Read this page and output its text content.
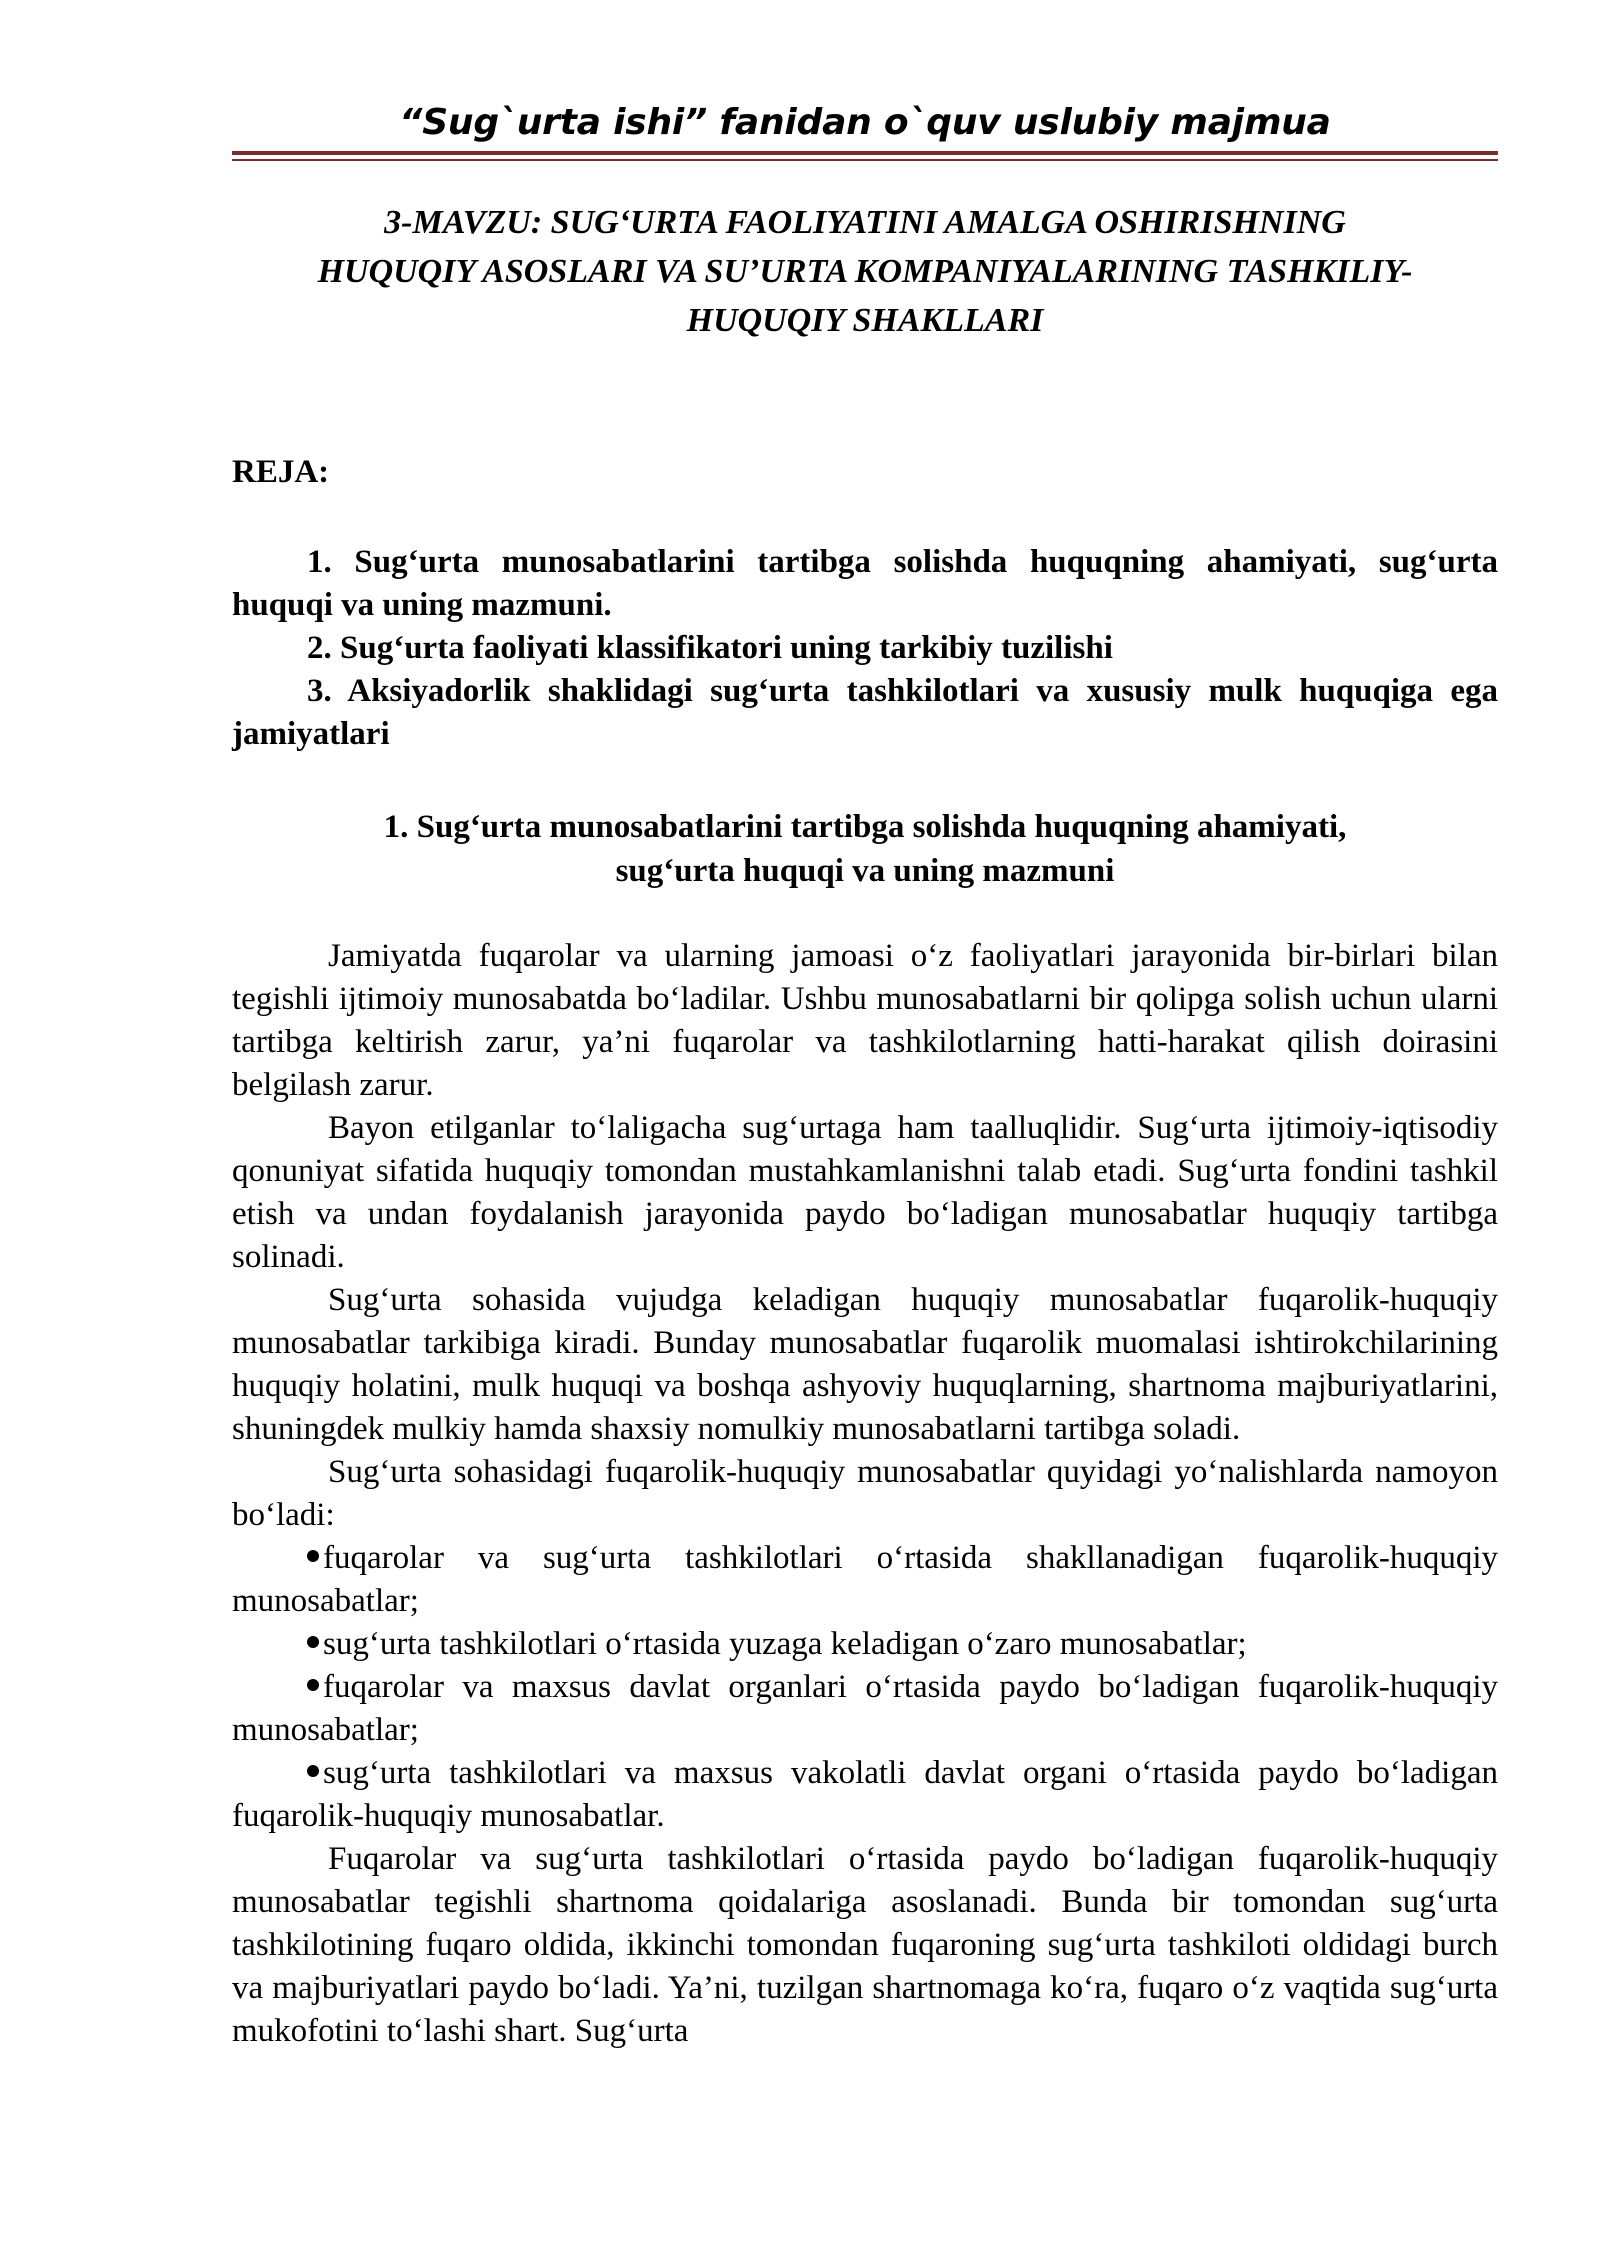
“Sug`urta ishi” fanidan o`quv uslubiy majmua
3-MAVZU: SUG‘URTA FAOLIYATINI AMALGA OSHIRISHNING
HUQUQIY ASOSLARI VA SU’URTA KOMPANIYALARINING TASHKILIY-
HUQUQIY SHAKLLARI

REJA:

1. Sug‘urta munosabatlarini tartibga solishda huquqning ahamiyati, sug‘urta huquqi va uning mazmuni.

2. Sug‘urta faoliyati klassifikatori uning tarkibiy tuzilishi

3. Aksiyadorlik shaklidagi sug‘urta tashkilotlari va xususiy mulk huquqiga ega jamiyatlari

1. Sug‘urta munosabatlarini tartibga solishda huquqning ahamiyati,
sug‘urta huquqi va uning mazmuni

Jamiyatda fuqarolar va ularning jamoasi o‘z faoliyatlari jarayonida bir-birlari bilan tegishli ijtimoiy munosabatda bo‘ladilar. Ushbu munosabatlarni bir qolipga solish uchun ularni tartibga keltirish zarur, ya’ni fuqarolar va tashkilotlarning hatti-harakat qilish doirasini belgilash zarur.

Bayon etilganlar to‘laligacha sug‘urtaga ham taalluqlidir. Sug‘urta ijtimoiy-iqtisodiy qonuniyat sifatida huquqiy tomondan mustahkamlanishni talab etadi. Sug‘urta fondini tashkil etish va undan foydalanish jarayonida paydo bo‘ladigan munosabatlar huquqiy tartibga solinadi.

Sug‘urta sohasida vujudga keladigan huquqiy munosabatlar fuqarolik-huquqiy munosabatlar tarkibiga kiradi. Bunday munosabatlar fuqarolik muomalasi ishtirokchilarining huquqiy holatini, mulk huquqi va boshqa ashyoviy huquqlarning, shartnoma majburiyatlarini, shuningdek mulkiy hamda shaxsiy nomulkiy munosabatlarni tartibga soladi.

Sug‘urta sohasidagi fuqarolik-huquqiy munosabatlar quyidagi yo‘nalishlarda namoyon bo‘ladi:

fuqarolar va sug‘urta tashkilotlari o‘rtasida shakllanadigan fuqarolik-huquqiy munosabatlar;

sug‘urta tashkilotlari o‘rtasida yuzaga keladigan o‘zaro munosabatlar;

fuqarolar va maxsus davlat organlari o‘rtasida paydo bo‘ladigan fuqarolik-huquqiy munosabatlar;

sug‘urta tashkilotlari va maxsus vakolatli davlat organi o‘rtasida paydo bo‘ladigan fuqarolik-huquqiy munosabatlar.

Fuqarolar va sug‘urta tashkilotlari o‘rtasida paydo bo‘ladigan fuqarolik-huquqiy munosabatlar tegishli shartnoma qoidalariga asoslanadi. Bunda bir tomondan sug‘urta tashkilotining fuqaro oldida, ikkinchi tomondan fuqaroning sug‘urta tashkiloti oldidagi burch va majburiyatlari paydo bo‘ladi. Ya’ni, tuzilgan shartnomaga ko‘ra, fuqaro o‘z vaqtida sug‘urta mukofotini to‘lashi shart. Sug‘urta
